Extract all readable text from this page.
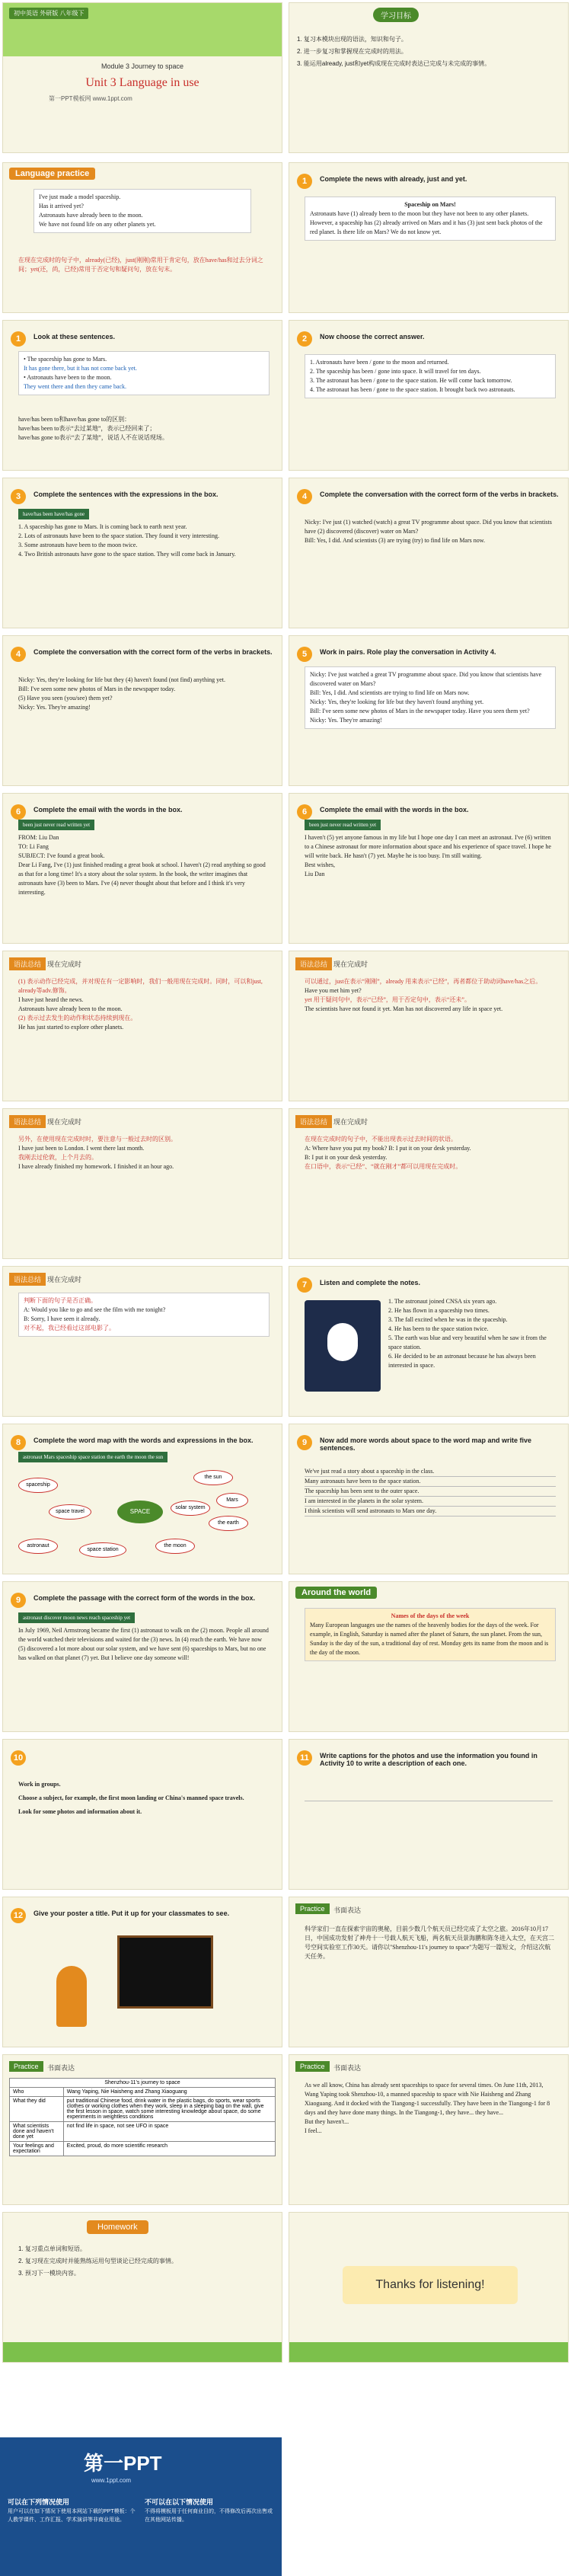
初中英语 外研版 八年级下
Module 3 Journey to space
Unit 3 Language in use
第一PPT模板网 www.1ppt.com
学习目标
1. 复习本模块出现的语法，知识和句子。
2. 进一步复习和掌握现在完成时的用法。
3. 能运用already, just和yet构成现在完成时表达已完成与未完成的事情。
Language practice
I've just made a model spaceship.
Has it arrived yet?
Astronauts have already been to the moon.
We have not found life on any other planets yet.
在现在完成时的句子中，already(已经)，just(刚刚)常用于肯定句，放在have/has和过去分词之间；yet(还，尚，已经)常用于否定句和疑问句，放在句末。
1	Complete the news with already, just and yet.
Spaceship on Mars!
Astronauts have (1) already been to the moon but they have not been to any other planets. However, a spaceship has (2) already arrived on Mars and it has (3) just sent back photos of the red planet. Is there life on Mars? We do not know yet.
1	Look at these sentences.
• The spaceship has gone to Mars.
It has gone there, but it has not come back yet.
• Astronauts have been to the moon.
They went there and then they came back.
have/has been to和have/has gone to的区别：
have/has been to表示“去过某地”，表示已经回来了；
have/has gone to表示“去了某地”，说话人不在说话现场。
2	Now choose the correct answer.
1. Astronauts have been / gone to the moon and returned.
2. The spaceship has been / gone into space. It will travel for ten days.
3. The astronaut has been / gone to the space station. He will come back tomorrow.
4. The astronaut has been / gone to the space station. It brought back two astronauts.
3	Complete the sentences with the expressions in the box.
have/has been have/has gone
1. A spaceship has gone to Mars. It is coming back to earth next year.
2. Lots of astronauts have been to the space station. They found it very interesting.
3. Some astronauts have been to the moon twice.
4. Two British astronauts have gone to the space station. They will come back in January.
4	Complete the conversation with the correct form of the verbs in brackets.
Nicky: I've just (1) watched (watch) a great TV programme about space. Did you know that scientists have (2) discovered (discover) water on Mars?
Bill: Yes, I did. And scientists (3) are trying (try) to find life on Mars now.
4	Complete the conversation with the correct form of the verbs in brackets.
Nicky: Yes, they're looking for life but they (4) haven't found (not find) anything yet.
Bill: I've seen some new photos of Mars in the newspaper today.
(5) Have you seen (you/see) them yet?
Nicky: Yes. They're amazing!
5	Work in pairs. Role play the conversation in Activity 4.
Nicky: I've just watched a great TV programme about space. Did you know that scientists have discovered water on Mars?
Bill: Yes, I did. And scientists are trying to find life on Mars now.
Nicky: Yes, they're looking for life but they haven't found anything yet.
Bill: I've seen some new photos of Mars in the newspaper today. Have you seen them yet?
Nicky: Yes. They're amazing!
6	Complete the email with the words in the box.
been just never read written yet
FROM: Liu Dan
TO: Li Fang
SUBJECT: I've found a great book.
Dear Li Fang, I've (1) just finished reading a great book at school. I haven't (2) read anything so good as that for a long time! It's a story about the solar system. In the book, the writer imagines that astronauts have (3) been to Mars. I've (4) never thought about that before and I think it's very interesting.
6	Complete the email with the words in the box.
been just never read written yet
I haven't (5) yet anyone famous in my life but I hope one day I can meet an astronaut. I've (6) written to a Chinese astronaut for more information about space and his experience of space travel. I hope he will write back. He hasn't (7) yet. Maybe he is too busy. I'm still waiting.
Best wishes,
Liu Dan
语法总结 现在完成时
(1) 表示动作已经完成，并对现在有一定影响时，我们一般用现在完成时。同时，可以和just, already等adv.修饰。
I have just heard the news.
Astronauts have already been to the moon.
(2) 表示过去发生的动作和状态持续到现在。
He has just started to explore other planets.
语法总结 现在完成时
可以通过，just在表示“刚刚”，already 用来表示“已经”，再者都位于助动词have/has之后。
Have you met him yet?
yet 用于疑问句中，表示“已经”，用于否定句中，表示“还未”。
The scientists have not found it yet. Man has not discovered any life in space yet.
语法总结 现在完成时
另外，在使用现在完成时时，要注意与一般过去时的区别。
I have just been to London. I went there last month.
我刚去过伦敦，上个月去的。
I have already finished my homework. I finished it an hour ago.
语法总结 现在完成时
在现在完成时的句子中，不能出现表示过去时间的状语。
A: Where have you put my book? B: I put it on your desk yesterday.
B: I put it on your desk yesterday.
在口语中，表示“已经”、“就在刚才”都可以用现在完成时。
语法总结 现在完成时
判断下面的句子是否正确。
A: Would you like to go and see the film with me tonight?
B: Sorry, I have seen it already.
对不起，我已经看过这部电影了。
7	Listen and complete the notes.
1. The astronaut joined CNSA six years ago.
2. He has flown in a spaceship two times.
3. The fall excited when he was in the spaceship.
4. He has been to the space station twice.
5. The earth was blue and very beautiful when he saw it from the space station.
6. He decided to be an astronaut because he has always been interested in space.
8	Complete the word map with the words and expressions in the box.
astronaut Mars spaceship space station the earth the moon the sun
SPACE
the sun
Mars
the earth
solar system
spaceship
space travel
astronaut
space station
the moon
9	Now add more words about space to the word map and write five sentences.
We've just read a story about a spaceship in the class.
Many astronauts have been to the space station.
The spaceship has been sent to the outer space.
I am interested in the planets in the solar system.
I think scientists will send astronauts to Mars one day.
9	Complete the passage with the correct form of the words in the box.
astronaut discover moon news reach spaceship yet
In July 1969, Neil Armstrong became the first (1) astronaut to walk on the (2) moon. People all around the world watched their televisions and waited for the (3) news. In (4) reach the earth. We have now (5) discovered a lot more about our solar system, and we have sent (6) spaceships to Mars, but no one has walked on that planet (7) yet. But I believe one day someone will!
Around the world
Names of the days of the week
Many European languages use the names of the heavenly bodies for the days of the week. For example, in English, Saturday is named after the planet of Saturn, the sun planet. From the sun, Sunday is the day of the sun, a traditional day of rest. Monday gets its name from the moon and is the day of the moon.
10
Work in groups.
Choose a subject, for example, the first moon landing or China's manned space travels.
Look for some photos and information about it.
11	Write captions for the photos and use the information you found in Activity 10 to write a description of each one.
12	Give your poster a title. Put it up for your classmates to see.
Practice	书面表达
科学家们一直在探索宇宙的奥秘，目前少数几个航天员已经完成了太空之旅。2016年10月17日，中国成功发射了神舟十一号载人航天飞船，两名航天员景海鹏和陈冬进入太空，在天宫二号空间实验室工作30天。请你以"Shenzhou-11's journey to space"为题写一篇短文，介绍这次航天任务。
Practice	书面表达
Shenzhou-11's journey to space	
Who	Wang Yaping, Nie Haisheng and Zhang Xiaoguang
What they did	put traditional Chinese food, drink water in the plastic bags, do sports, wear sports clothes or working clothes when they work, sleep in a sleeping bag on the wall, give the first lesson in space, watch some interesting knowledge about space, do some experiments in weightless conditions
What scientists done and haven't done yet	not find life in space, not see UFO in space
Your feelings and expectation	Excited, proud, do more scientific research
Practice	书面表达
As we all know, China has already sent spaceships to space for several times. On June 11th, 2013, Wang Yaping took Shenzhou-10, a manned spaceship to space with Nie Haisheng and Zhang Xiaoguang. And it docked with the Tiangong-1 successfully. They have been in the Tiangong-1 for 8 days and they have done many things. In the Tiangong-1, they have... they have...
But they haven't...
I feel...
Homework
1. 复习重点单词和短语。
2. 复习现在完成时并能熟练运用句型谈论已经完成的事情。
3. 预习下一模块内容。
Thanks for listening!
第一PPT
www.1ppt.com
可以在下列情况使用
用户可以在如下情况下使用本网站下载的PPT模板：个人教学课件、工作汇报、学术演讲等非商业用途。
不可以在以下情况使用
不得将模板用于任何商业目的，不得修改后再次出售或在其他网站传播。
